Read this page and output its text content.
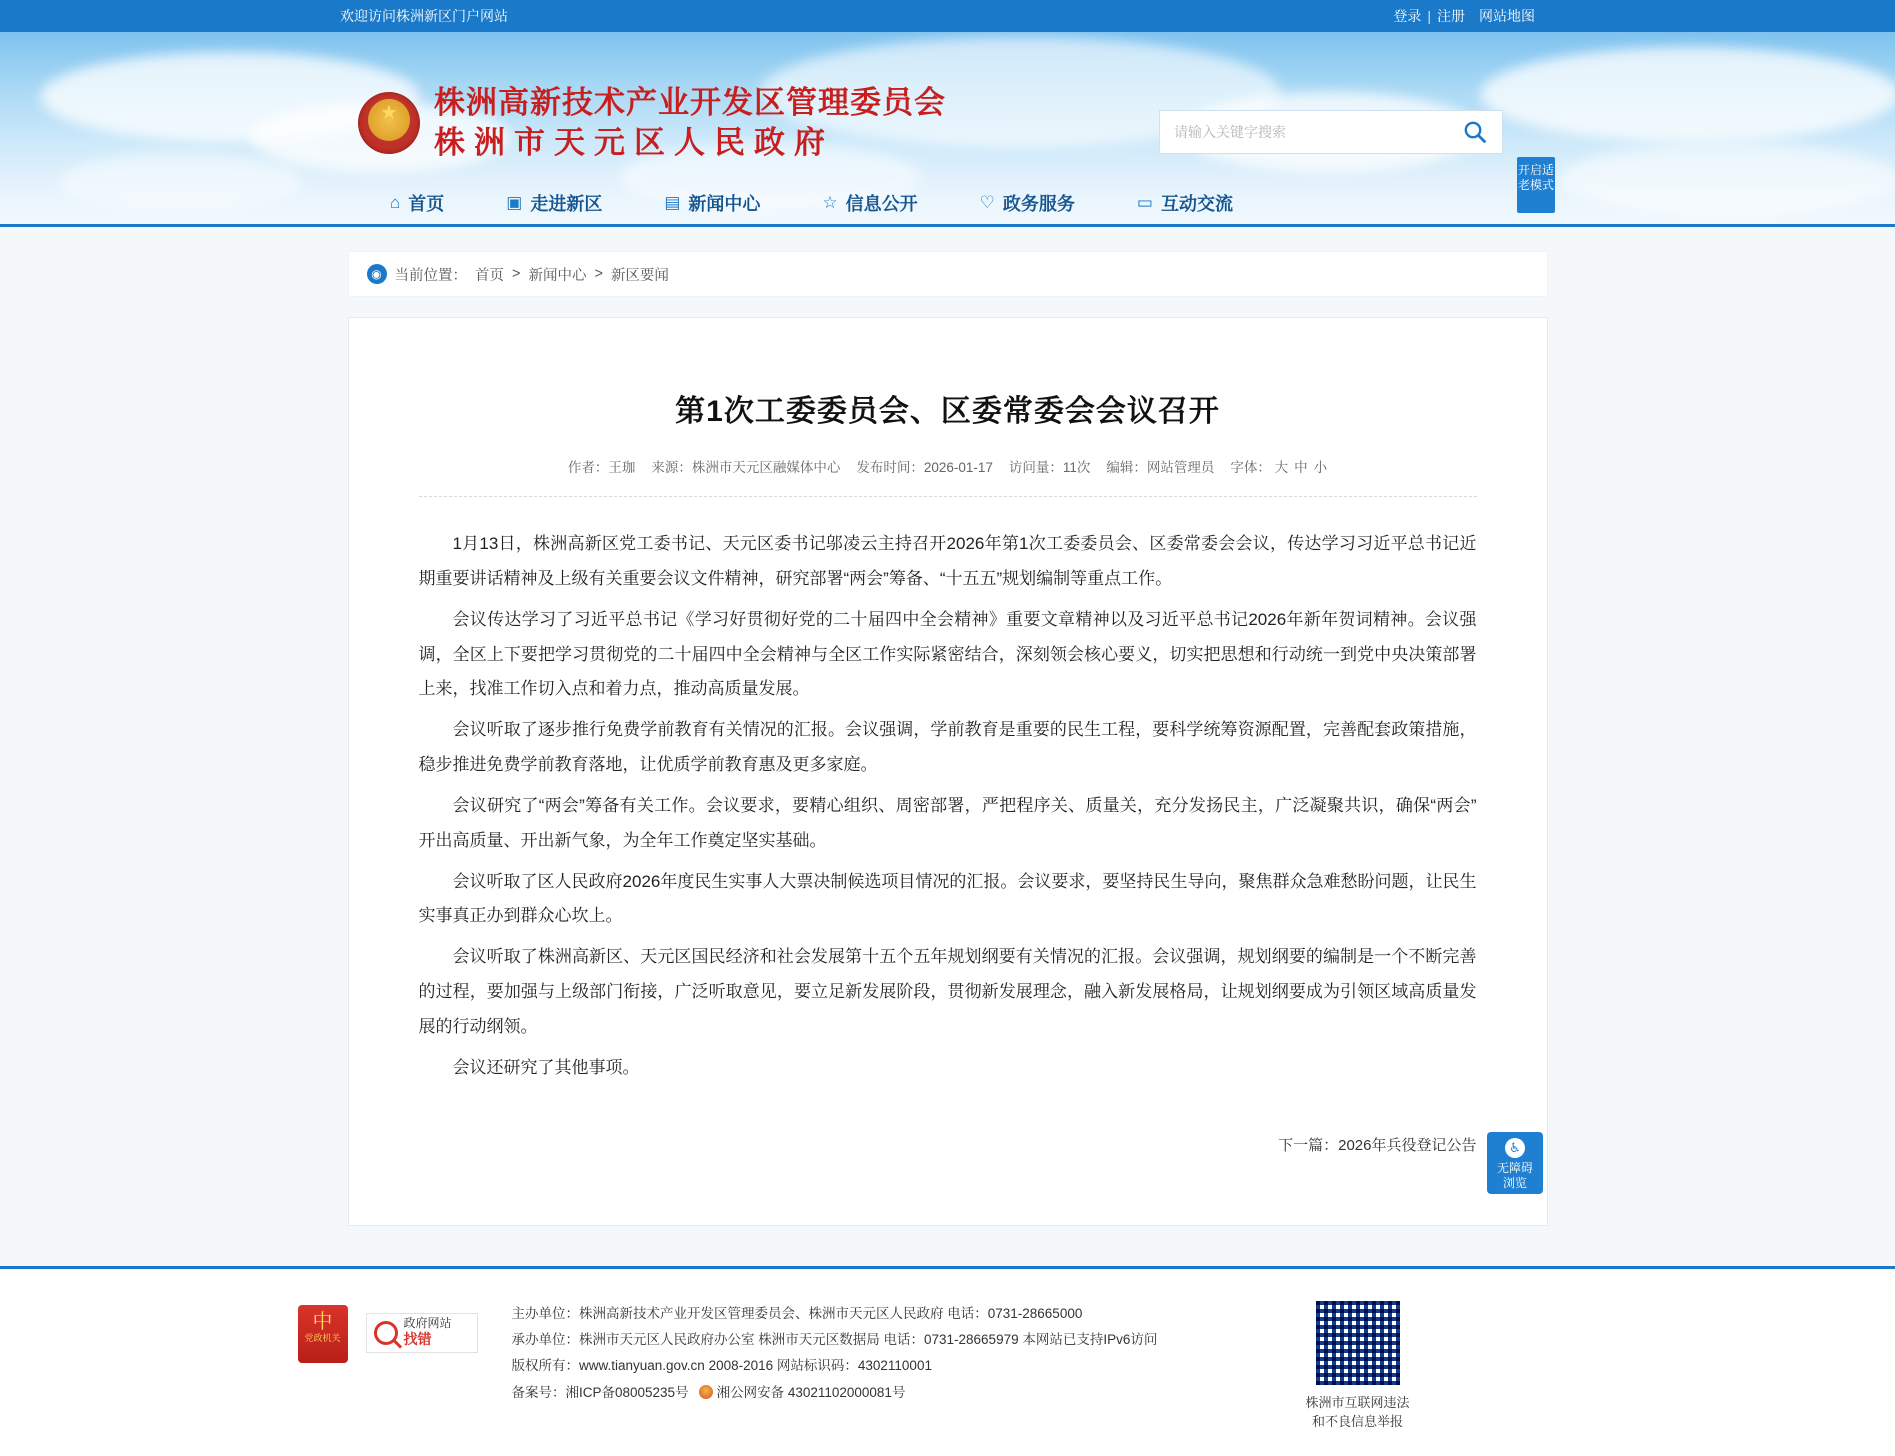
欢迎访问株洲新区门户网站	登录 | 注册 网站地图
★
株洲高新技术产业开发区管理委员会
株洲市天元区人民政府
请输入关键字搜索
开启适老模式
⌂ 首页	▣ 走进新区	▤ 新闻中心	☆ 信息公开	♡ 政务服务	▭ 互动交流
◉ 当前位置： 首页 > 新闻中心 > 新区要闻
第1次工委委员会、区委常委会会议召开
作者：王珈 来源：株洲市天元区融媒体中心 发布时间：2026-01-17 访问量：11次 编辑：网站管理员 字体： 大 中 小

1月13日，株洲高新区党工委书记、天元区委书记邬凌云主持召开2026年第1次工委委员会、区委常委会会议，传达学习习近平总书记近期重要讲话精神及上级有关重要会议文件精神，研究部署“两会”筹备、“十五五”规划编制等重点工作。

会议传达学习了习近平总书记《学习好贯彻好党的二十届四中全会精神》重要文章精神以及习近平总书记2026年新年贺词精神。会议强调，全区上下要把学习贯彻党的二十届四中全会精神与全区工作实际紧密结合，深刻领会核心要义，切实把思想和行动统一到党中央决策部署上来，找准工作切入点和着力点，推动高质量发展。

会议听取了逐步推行免费学前教育有关情况的汇报。会议强调，学前教育是重要的民生工程，要科学统筹资源配置，完善配套政策措施，稳步推进免费学前教育落地，让优质学前教育惠及更多家庭。

会议研究了“两会”筹备有关工作。会议要求，要精心组织、周密部署，严把程序关、质量关，充分发扬民主，广泛凝聚共识，确保“两会”开出高质量、开出新气象，为全年工作奠定坚实基础。

会议听取了区人民政府2026年度民生实事人大票决制候选项目情况的汇报。会议要求，要坚持民生导向，聚焦群众急难愁盼问题，让民生实事真正办到群众心坎上。

会议听取了株洲高新区、天元区国民经济和社会发展第十五个五年规划纲要有关情况的汇报。会议强调，规划纲要的编制是一个不断完善的过程，要加强与上级部门衔接，广泛听取意见，要立足新发展阶段，贯彻新发展理念，融入新发展格局，让规划纲要成为引领区域高质量发展的行动纲领。

会议还研究了其他事项。

下一篇：2026年兵役登记公告	♿
无障碍
浏览
中
党政机关
政府网站
找错
主办单位：株洲高新技术产业开发区管理委员会、株洲市天元区人民政府 电话：0731-28665000
承办单位：株洲市天元区人民政府办公室 株洲市天元区数据局 电话：0731-28665979 本网站已支持IPv6访问
版权所有：www.tianyuan.gov.cn 2008-2016 网站标识码：4302110001
备案号：湘ICP备08005235号 湘公网安备 43021102000081号
株洲市互联网违法
和不良信息举报
